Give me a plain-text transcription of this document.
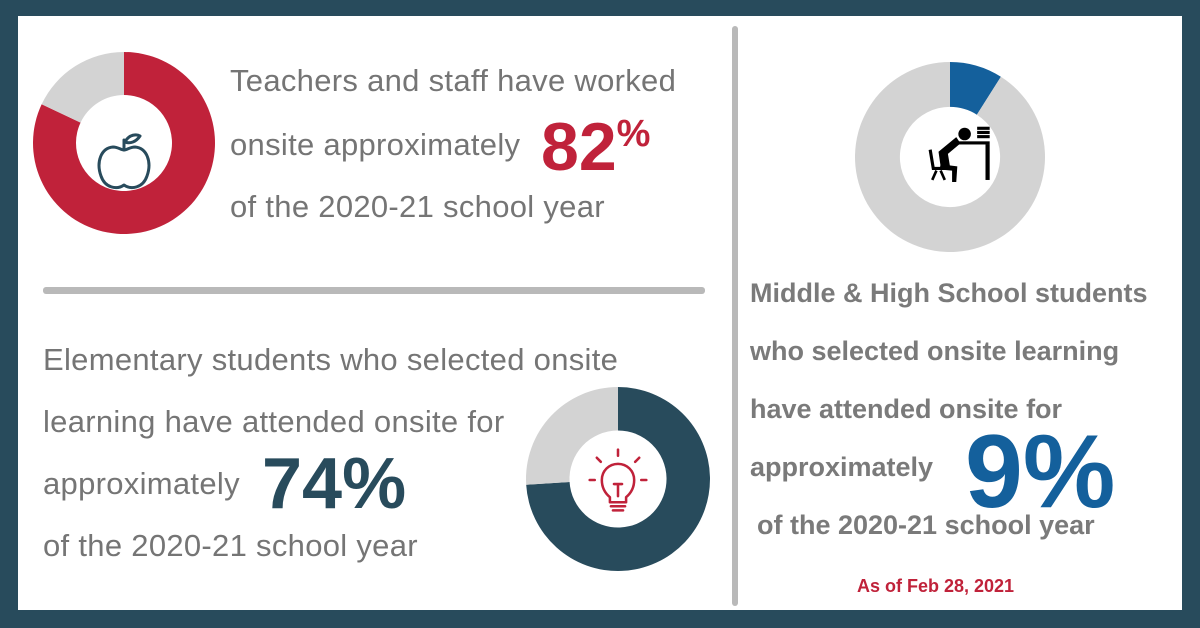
Teachers and staff have worked
onsite approximately 82%
of the 2020-21 school year
Elementary students who selected onsite
learning have attended onsite for
approximately 74%
of the 2020-21 school year
Middle & High School students
who selected onsite learning
have attended onsite for
approximately 9%
of the 2020-21 school year
As of Feb 28, 2021
